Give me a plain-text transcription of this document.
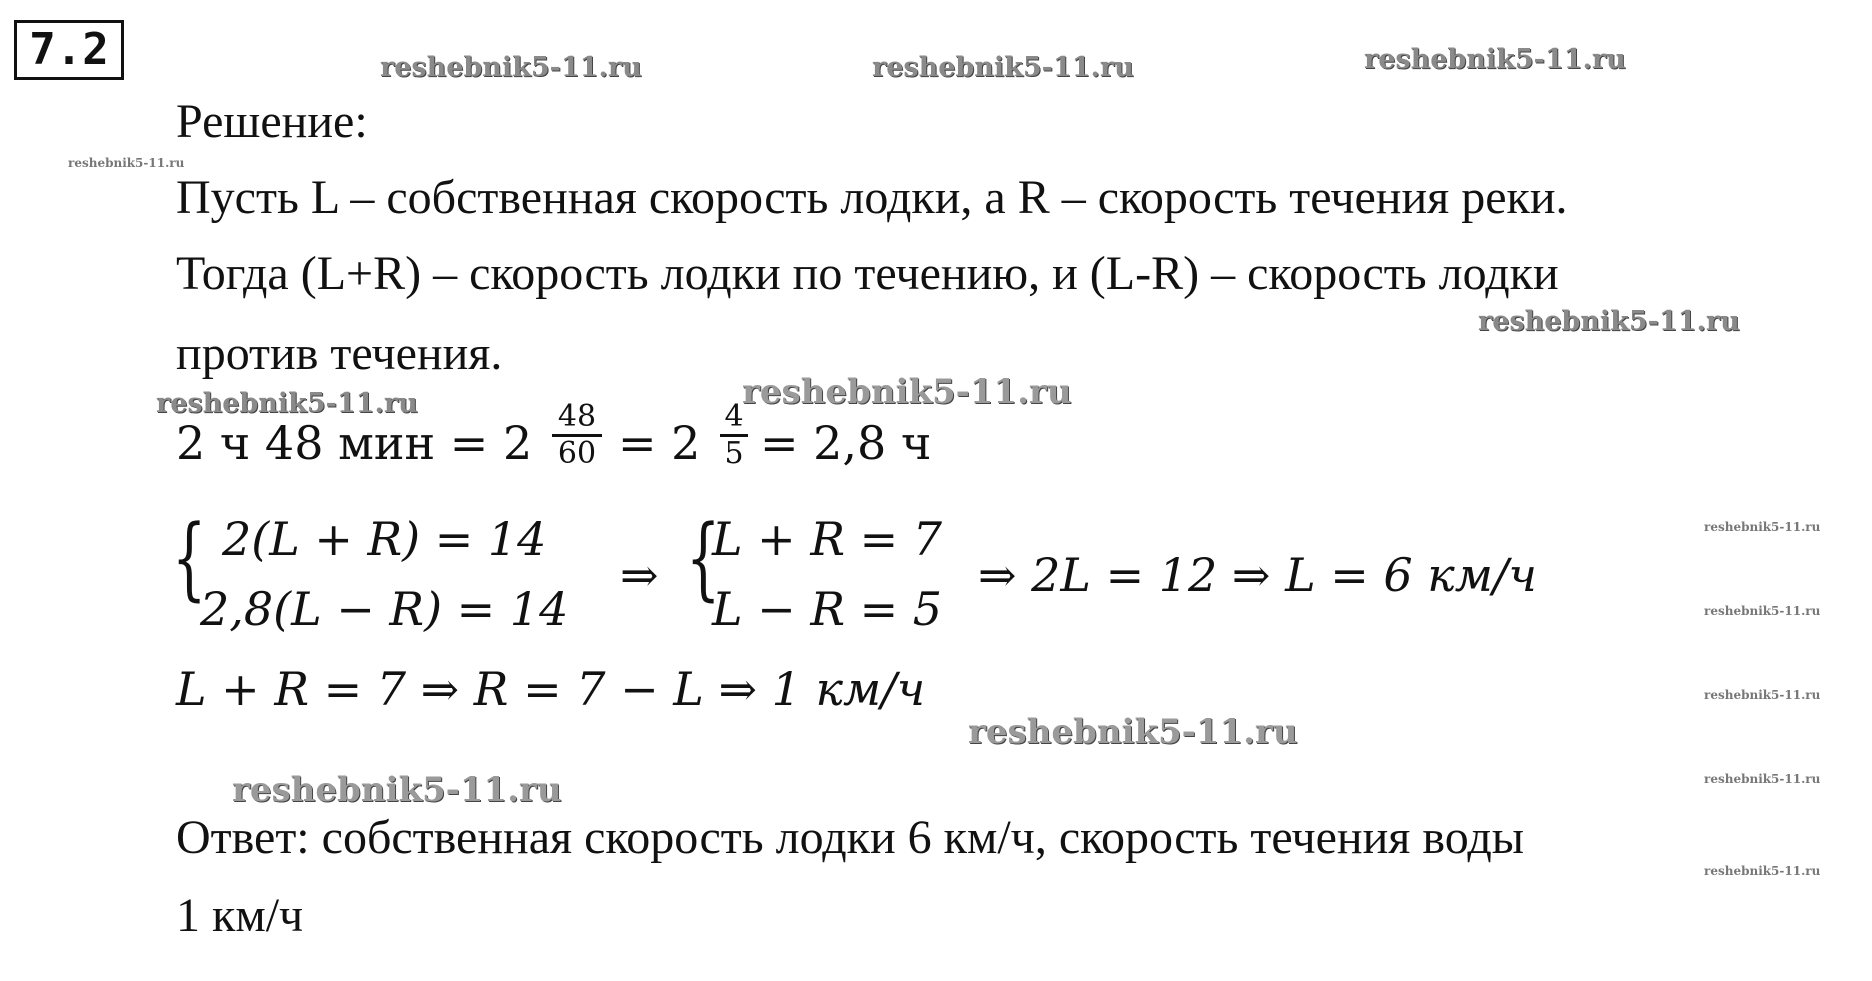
7.2	reshebnik5-11.ru	reshebnik5-11.ru	reshebnik5-11.ru
reshebnik5-11.ru
reshebnik5-11.ru
reshebnik5-11.ru	reshebnik5-11.ru
reshebnik5-11.ru
reshebnik5-11.ru
reshebnik5-11.ru
reshebnik5-11.ru
reshebnik5-11.ru	reshebnik5-11.ru
reshebnik5-11.ru
Решение:
Пусть L – собственная скорость лодки, а R – скорость течения реки.
Тогда (L+R) – скорость лодки по течению, и (L-R) – скорость лодки
против течения.
2 ч 48 мин = $2 \frac{48}{60} = 2 \frac{4}{5} = 2,8$ ч
{ 2(L + R) = 14
2,8(L − R) = 14
⇒ {
L + R = 7
L − R = 5
⇒ 2L = 12 ⇒ L = 6 км/ч
L + R = 7 ⇒ R = 7 − L ⇒ 1 км/ч
Ответ: собственная скорость лодки 6 км/ч, скорость течения воды
1 км/ч
